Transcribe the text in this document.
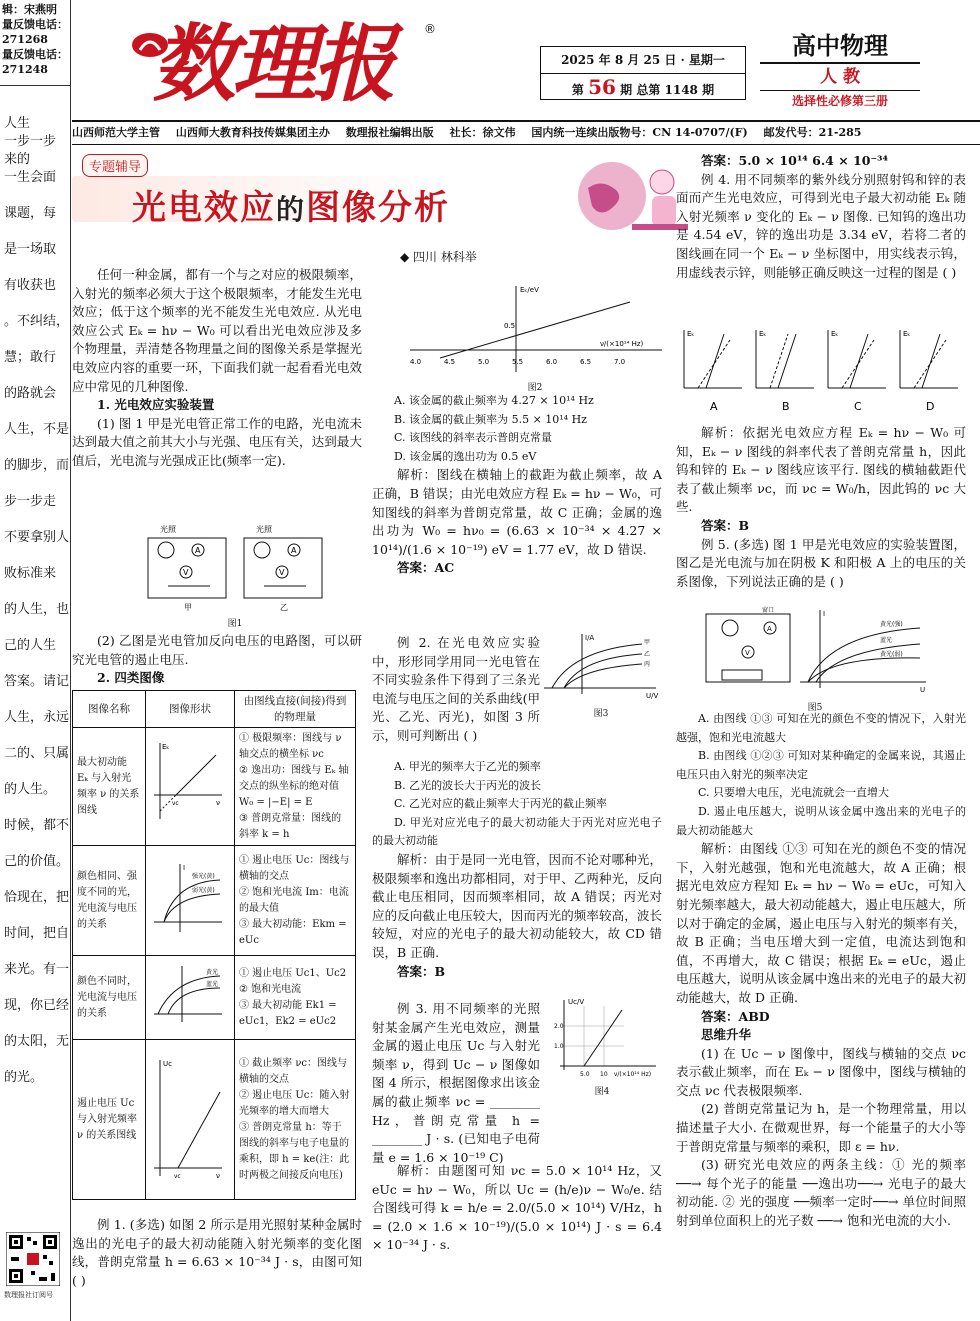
辑：宋燕明
量反馈电话：
271268
量反馈电话：
271248
人生
一步一步
来的
一生会面
课题，每
是一场取
有收获也
。不纠结，
慧；敢行
的路就会
人生，不是
的脚步，而
步一步走
不要拿别人
败标准来
的人生，也
己的人生
答案。请记
人生，永远
二的、只属
的人生。
时候，都不
己的价值。
恰现在，把
时间，把自
来光。有一
现，你已经
的太阳，无
的光。
数理报社订阅号
数理报	®
2025 年 8 月 25 日 · 星期一
第 56 期 总第 1148 期
高中物理
人 教
选择性必修第三册
山西师范大学主管 山西师大教育科技传媒集团主办 数理报社编辑出版 社长：徐文伟 国内统一连续出版物号：CN 14-0707/(F) 邮发代号：21-285
专题辅导
光电效应的图像分析
◆ 四川 林科举

任何一种金属，都有一个与之对应的极限频率，入射光的频率必须大于这个极限频率，才能发生光电效应；低于这个频率的光不能发生光电效应. 从光电效应公式 Eₖ = hν − W₀ 可以看出光电效应涉及多个物理量，弄清楚各物理量之间的图像关系是掌握光电效应内容的重要一环，下面我们就一起看看光电效应中常见的几种图像.

1. 光电效应实验装置

(1) 图 1 甲是光电管正常工作的电路，光电流未达到最大值之前其大小与光强、电压有关，达到最大值后，光电流与光强成正比(频率一定).

A
V
A
V
光照
甲
光照
乙
图1

(2) 乙图是光电管加反向电压的电路图，可以研究光电管的遏止电压.

2. 四类图像

图像名称	图像形状	由图线直接(间接)得到的物理量
最大初动能 Eₖ 与入射光频率 ν 的关系图线	Eₖ
ν
νc	① 极限频率：图线与 ν 轴交点的横坐标 νc
② 逸出功：图线与 Eₖ 轴交点的纵坐标的绝对值 W₀ = |−E| = E
③ 普朗克常量：图线的斜率 k = h
颜色相同、强度不同的光，光电流与电压的关系	I
强光(黄)
弱光(黄)	① 遏止电压 Uc：图线与横轴的交点
② 饱和光电流 Im：电流的最大值
③ 最大初动能：Ekm = eUc
颜色不同时，光电流与电压的关系	黄光
蓝光	① 遏止电压 Uc1、Uc2
② 饱和光电流
③ 最大初动能 Ek1 = eUc1，Ek2 = eUc2
遏止电压 Uc 与入射光频率 ν 的关系图线	Uc
ν
νc	① 截止频率 νc：图线与横轴的交点
② 遏止电压 Uc：随入射光频率的增大而增大
③ 普朗克常量 h：等于图线的斜率与电子电量的乘积，即 h = ke(注：此时两极之间接反向电压)

例 1. (多选) 如图 2 所示是用光照射某种金属时逸出的光电子的最大初动能随入射光频率的变化图线，普朗克常量 h = 6.63 × 10⁻³⁴ J · s，由图可知 ( )

Eₖ/eV
ν/(×10¹⁴ Hz)
4.0	4.5	5.0	5.5	6.0	6.5	7.0
0.5
图2

A. 该金属的截止频率为 4.27 × 10¹⁴ Hz

B. 该金属的截止频率为 5.5 × 10¹⁴ Hz

C. 该图线的斜率表示普朗克常量

D. 该金属的逸出功为 0.5 eV

解析：图线在横轴上的截距为截止频率，故 A 正确，B 错误；由光电效应方程 Eₖ = hν − W₀，可知图线的斜率为普朗克常量，故 C 正确；金属的逸出功为 W₀ = hν₀ = (6.63 × 10⁻³⁴ × 4.27 × 10¹⁴)/(1.6 × 10⁻¹⁹) eV = 1.77 eV，故 D 错误.

答案：AC

例 2. 在光电效应实验中，形形同学用同一光电管在不同实验条件下得到了三条光电流与电压之间的关系曲线(甲光、乙光、丙光)，如图 3 所示，则可判断出 ( )

甲
乙
丙
I/A
U/V
图3

A. 甲光的频率大于乙光的频率

B. 乙光的波长大于丙光的波长

C. 乙光对应的截止频率大于丙光的截止频率

D. 甲光对应光电子的最大初动能大于丙光对应光电子的最大初动能

解析：由于是同一光电管，因而不论对哪种光，极限频率和逸出功都相同，对于甲、乙两种光，反向截止电压相同，因而频率相同，故 A 错误；丙光对应的反向截止电压较大，因而丙光的频率较高，波长较短，对应的光电子的最大初动能较大，故 CD 错误，B 正确.

答案：B

例 3. 用不同频率的光照射某金属产生光电效应，测量金属的遏止电压 Uc 与入射光频率 ν，得到 Uc − ν 图像如图 4 所示，根据图像求出该金属的截止频率 νc = ________ Hz，普朗克常量 h = ________ J · s. (已知电子电荷量 e = 1.6 × 10⁻¹⁹ C)

Uc/V
ν/(×10¹⁴ Hz)
1.0
2.0
5.0 10
图4

解析：由题图可知 νc = 5.0 × 10¹⁴ Hz，又 eUc = hν − W₀，所以 Uc = (h/e)ν − W₀/e. 结合图线可得 k = h/e = 2.0/(5.0 × 10¹⁴) V/Hz，h = (2.0 × 1.6 × 10⁻¹⁹)/(5.0 × 10¹⁴) J · s = 6.4 × 10⁻³⁴ J · s.

答案：5.0 × 10¹⁴ 6.4 × 10⁻³⁴

例 4. 用不同频率的紫外线分别照射钨和锌的表面而产生光电效应，可得到光电子最大初动能 Eₖ 随入射光频率 ν 变化的 Eₖ − ν 图像. 已知钨的逸出功是 4.54 eV，锌的逸出功是 3.34 eV，若将二者的图线画在同一个 Eₖ − ν 坐标图中，用实线表示钨，用虚线表示锌，则能够正确反映这一过程的图是 ( )

A
Eₖ
B
Eₖ
C
Eₖ
D
Eₖ

解析：依据光电效应方程 Eₖ = hν − W₀ 可知，Eₖ − ν 图线的斜率代表了普朗克常量 h，因此钨和锌的 Eₖ − ν 图线应该平行. 图线的横轴截距代表了截止频率 νc，而 νc = W₀/h，因此钨的 νc 大些.

答案：B

例 5. (多选) 图 1 甲是光电效应的实验装置图，图乙是光电流与加在阴极 K 和阳极 A 上的电压的关系图像，下列说法正确的是 ( )

窗口
A
V
黄光(强)
蓝光
黄光(弱)
I
U
图5

A. 由图线 ①③ 可知在光的颜色不变的情况下，入射光越强，饱和光电流越大

B. 由图线 ①②③ 可知对某种确定的金属来说，其遏止电压只由入射光的频率决定

C. 只要增大电压，光电流就会一直增大

D. 遏止电压越大，说明从该金属中逸出来的光电子的最大初动能越大

解析：由图线 ①③ 可知在光的颜色不变的情况下，入射光越强，饱和光电流越大，故 A 正确；根据光电效应方程知 Eₖ = hν − W₀ = eUc，可知入射光频率越大，最大初动能越大，遏止电压越大，所以对于确定的金属，遏止电压与入射光的频率有关，故 B 正确；当电压增大到一定值，电流达到饱和值，不再增大，故 C 错误；根据 Eₖ = eUc，遏止电压越大，说明从该金属中逸出来的光电子的最大初动能越大，故 D 正确.

答案：ABD

思维升华

(1) 在 Uc − ν 图像中，图线与横轴的交点 νc 表示截止频率，而在 Eₖ − ν 图像中，图线与横轴的交点 νc 代表极限频率.

(2) 普朗克常量记为 h，是一个物理常量，用以描述量子大小. 在微观世界，每一个能量子的大小等于普朗克常量与频率的乘积，即 ε = hν.

(3) 研究光电效应的两条主线：① 光的频率 ──→ 每个光子的能量 ──逸出功──→ 光电子的最大初动能. ② 光的强度 ──频率一定时──→ 单位时间照射到单位面积上的光子数 ──→ 饱和光电流的大小.
